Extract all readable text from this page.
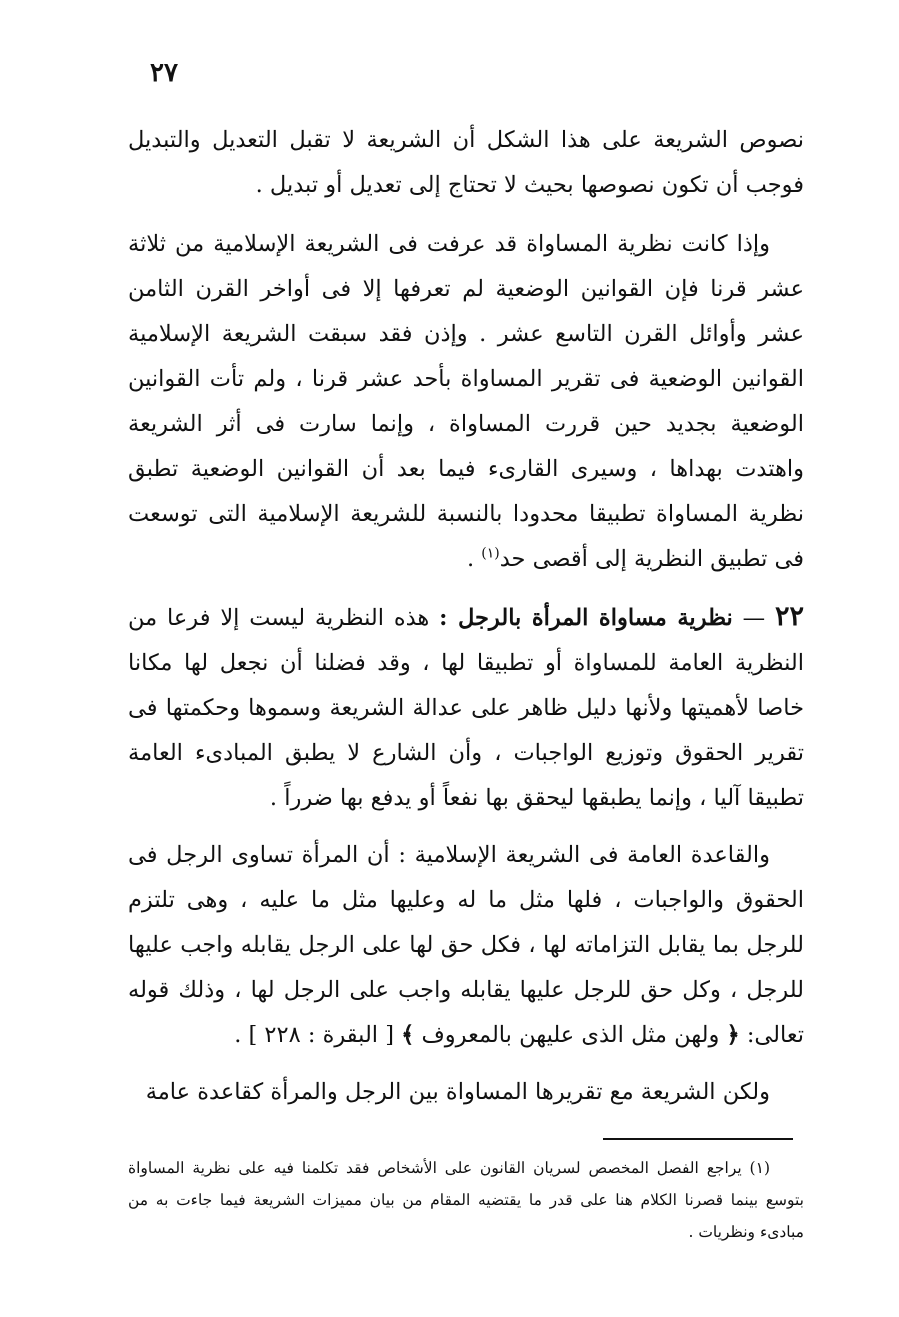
٢٧

نصوص الشريعة على هذا الشكل أن الشريعة لا تقبل التعديل والتبديل فوجب أن تكون نصوصها بحيث لا تحتاج إلى تعديل أو تبديل .

وإذا كانت نظرية المساواة قد عرفت فى الشريعة الإسلامية من ثلاثة عشر قرنا فإن القوانين الوضعية لم تعرفها إلا فى أواخر القرن الثامن عشر وأوائل القرن التاسع عشر . وإذن فقد سبقت الشريعة الإسلامية القوانين الوضعية فى تقرير المساواة بأحد عشر قرنا ، ولم تأت القوانين الوضعية بجديد حين قررت المساواة ، وإنما سارت فى أثر الشريعة واهتدت بهداها ، وسيرى القارىء فيما بعد أن القوانين الوضعية تطبق نظرية المساواة تطبيقا محدودا بالنسبة للشريعة الإسلامية التى توسعت فى تطبيق النظرية إلى أقصى حد$^{(١)}$ .

٢٢ — نظرية مساواة المرأة بالرجل : هذه النظرية ليست إلا فرعا من النظرية العامة للمساواة أو تطبيقا لها ، وقد فضلنا أن نجعل لها مكانا خاصا لأهميتها ولأنها دليل ظاهر على عدالة الشريعة وسموها وحكمتها فى تقرير الحقوق وتوزيع الواجبات ، وأن الشارع لا يطبق المبادىء العامة تطبيقا آليا ، وإنما يطبقها ليحقق بها نفعاً أو يدفع بها ضرراً .

والقاعدة العامة فى الشريعة الإسلامية : أن المرأة تساوى الرجل فى الحقوق والواجبات ، فلها مثل ما له وعليها مثل ما عليه ، وهى تلتزم للرجل بما يقابل التزاماته لها ، فكل حق لها على الرجل يقابله واجب عليها للرجل ، وكل حق للرجل عليها يقابله واجب على الرجل لها ، وذلك قوله تعالى: ﴿ ولهن مثل الذى عليهن بالمعروف ﴾ [ البقرة : ٢٢٨ ] .

ولكن الشريعة مع تقريرها المساواة بين الرجل والمرأة كقاعدة عامة

(١) يراجع الفصل المخصص لسريان القانون على الأشخاص فقد تكلمنا فيه على نظرية المساواة بتوسع بينما قصرنا الكلام هنا على قدر ما يقتضيه المقام من بيان مميزات الشريعة فيما جاءت به من مبادىء ونظريات .
